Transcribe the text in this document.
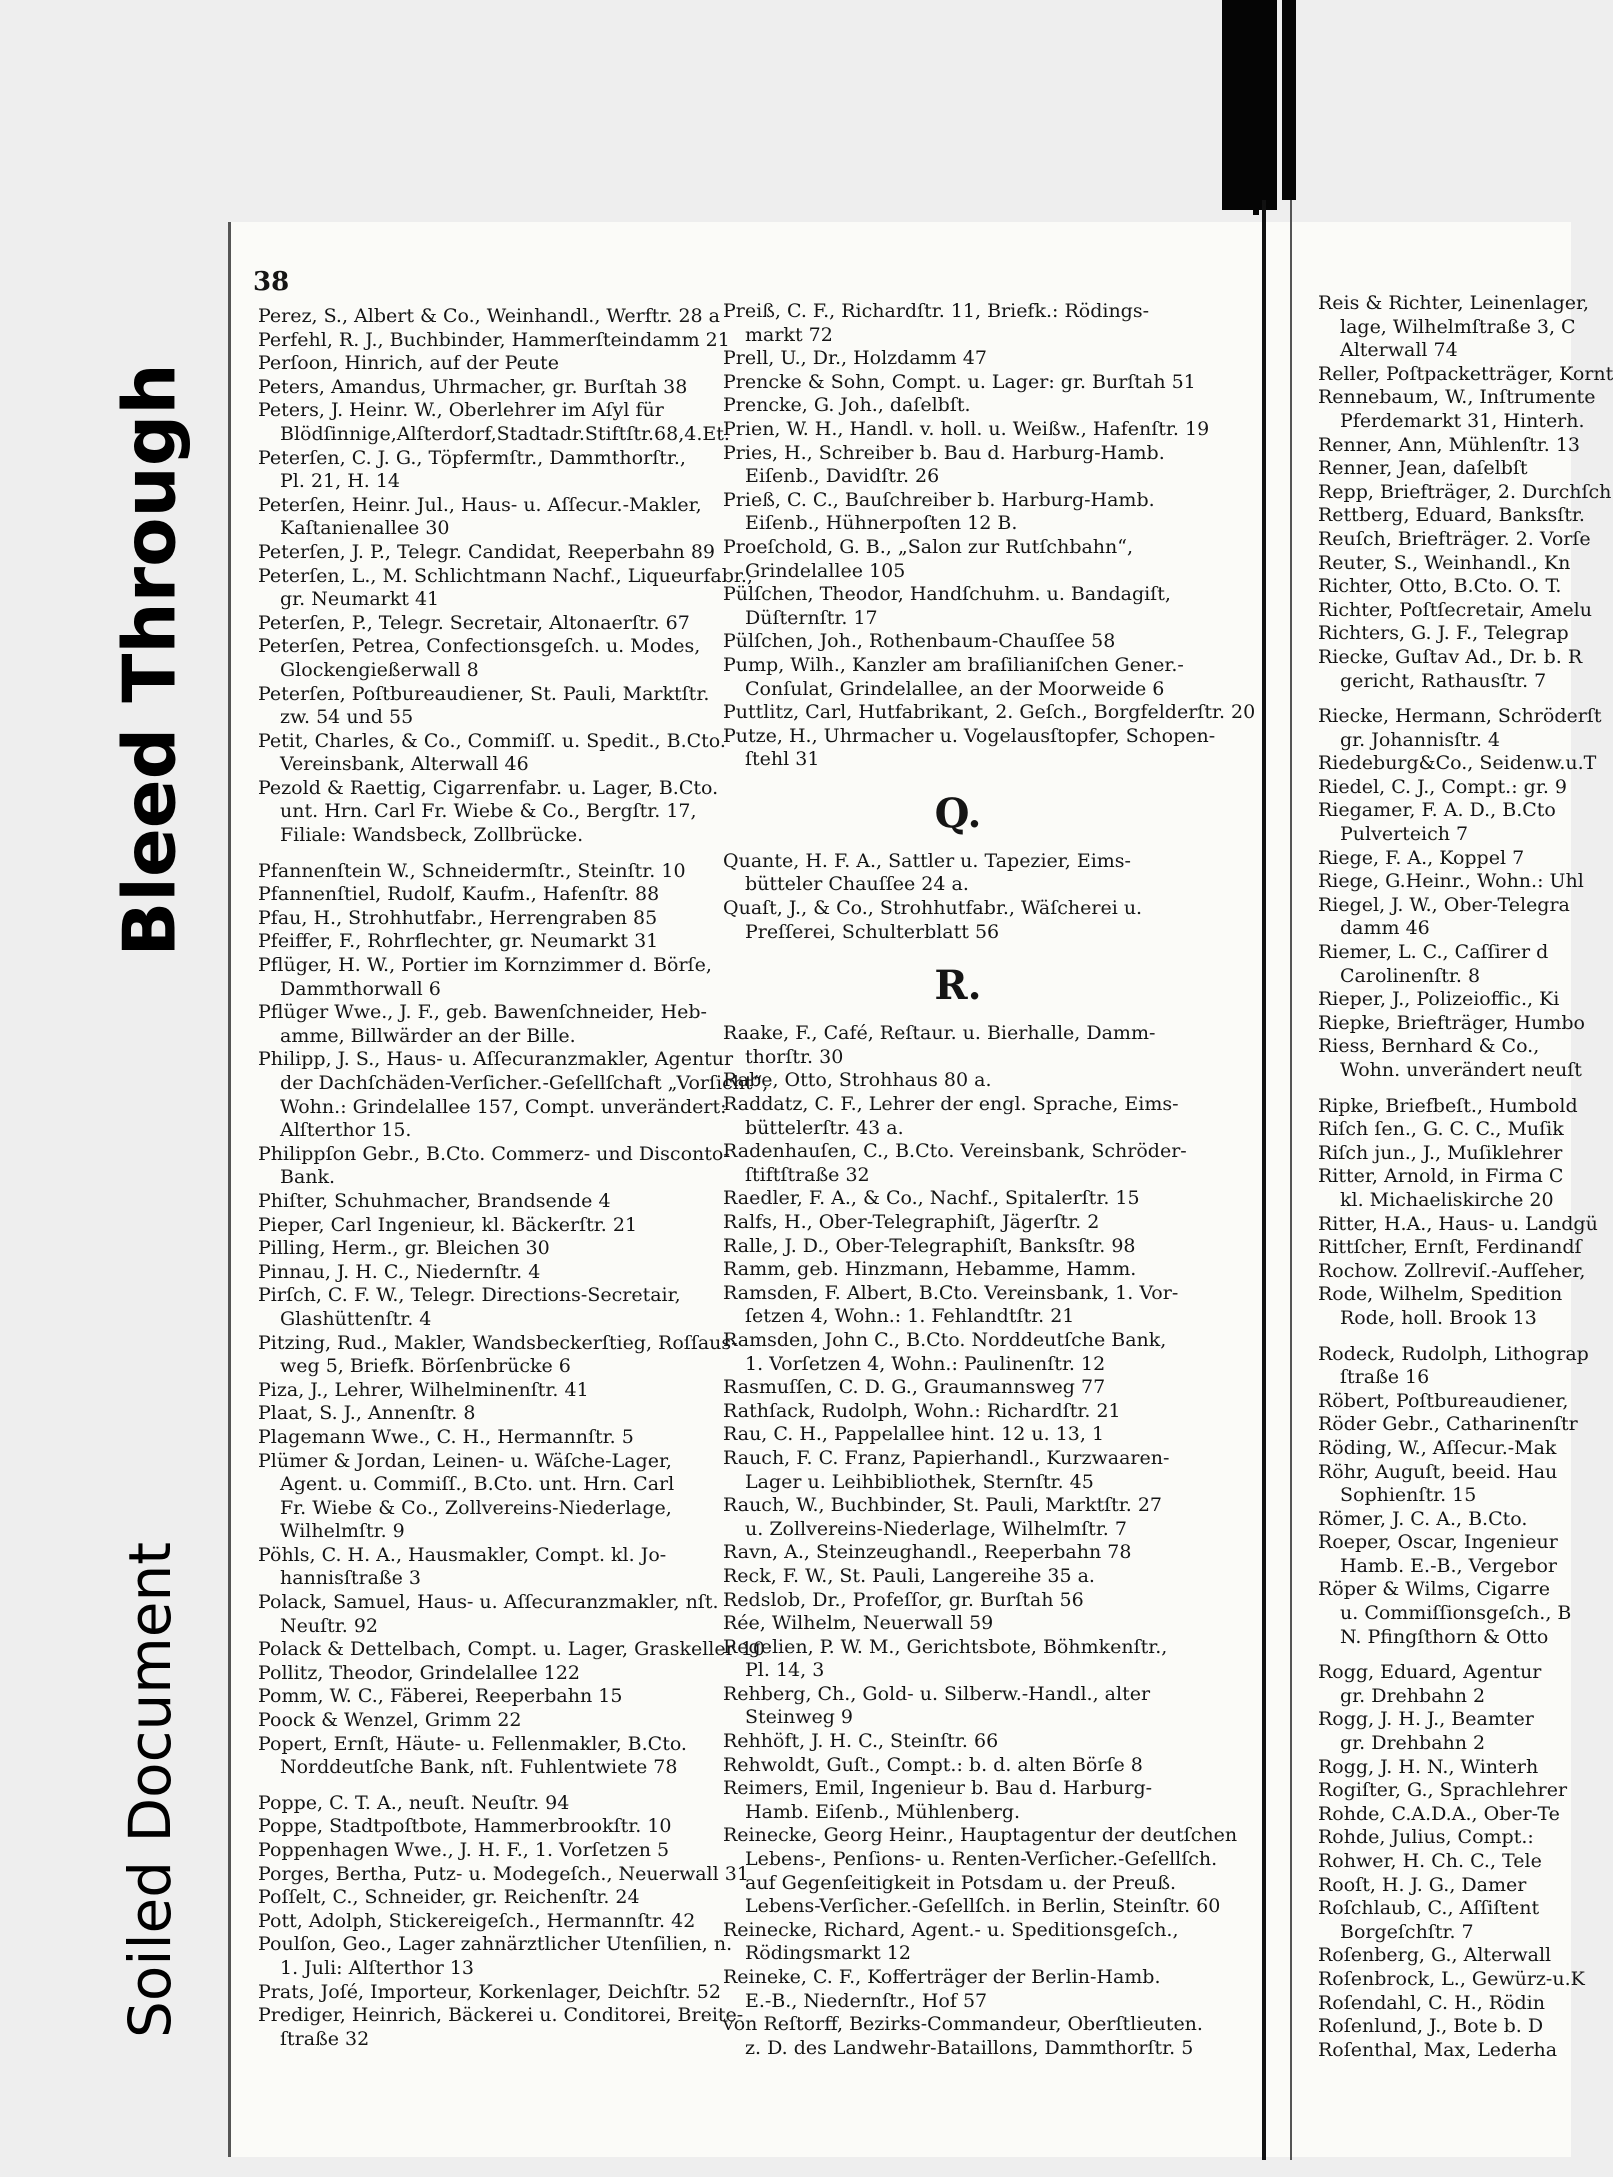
Bleed Through
Soiled Document
38
Perez, S., Albert & Co., Weinhandl., Werftr. 28 a
Perfehl, R. J., Buchbinder, Hammerſteindamm 21
Perſoon, Hinrich, auf der Peute
Peters, Amandus, Uhrmacher, gr. Burſtah 38
Peters, J. Heinr. W., Oberlehrer im Aſyl für
Blödſinnige,Alſterdorf,Stadtadr.Stiftſtr.68,4.Et.
Peterſen, C. J. G., Töpfermſtr., Dammthorſtr.,
Pl. 21, H. 14
Peterſen, Heinr. Jul., Haus- u. Aſſecur.-Makler,
Kaſtanienallee 30
Peterſen, J. P., Telegr. Candidat, Reeperbahn 89
Peterſen, L., M. Schlichtmann Nachf., Liqueurfabr.,
gr. Neumarkt 41
Peterſen, P., Telegr. Secretair, Altonaerſtr. 67
Peterſen, Petrea, Confectionsgeſch. u. Modes,
Glockengießerwall 8
Peterſen, Poſtbureaudiener, St. Pauli, Marktſtr.
zw. 54 und 55
Petit, Charles, & Co., Commiſſ. u. Spedit., B.Cto.
Vereinsbank, Alterwall 46
Pezold & Raettig, Cigarrenfabr. u. Lager, B.Cto.
unt. Hrn. Carl Fr. Wiebe & Co., Bergſtr. 17,
Filiale: Wandsbeck, Zollbrücke.
Pfannenſtein W., Schneidermſtr., Steinſtr. 10
Pfannenſtiel, Rudolf, Kaufm., Hafenſtr. 88
Pfau, H., Strohhutfabr., Herrengraben 85
Pfeiffer, F., Rohrflechter, gr. Neumarkt 31
Pflüger, H. W., Portier im Kornzimmer d. Börſe,
Dammthorwall 6
Pflüger Wwe., J. F., geb. Bawenſchneider, Heb-
amme, Billwärder an der Bille.
Philipp, J. S., Haus- u. Aſſecuranzmakler, Agentur
der Dachſchäden-Verſicher.-Geſellſchaft „Vorſicht“,
Wohn.: Grindelallee 157, Compt. unverändert:
Alſterthor 15.
Philippſon Gebr., B.Cto. Commerz- und Disconto-
Bank.
Phiſter, Schuhmacher, Brandsende 4
Pieper, Carl Ingenieur, kl. Bäckerſtr. 21
Pilling, Herm., gr. Bleichen 30
Pinnau, J. H. C., Niedernſtr. 4
Pirſch, C. F. W., Telegr. Directions-Secretair,
Glashüttenſtr. 4
Pitzing, Rud., Makler, Wandsbeckerſtieg, Roſſaus-
weg 5, Briefk. Börſenbrücke 6
Piza, J., Lehrer, Wilhelminenſtr. 41
Plaat, S. J., Annenſtr. 8
Plagemann Wwe., C. H., Hermannſtr. 5
Plümer & Jordan, Leinen- u. Wäſche-Lager,
Agent. u. Commiſſ., B.Cto. unt. Hrn. Carl
Fr. Wiebe & Co., Zollvereins-Niederlage,
Wilhelmſtr. 9
Pöhls, C. H. A., Hausmakler, Compt. kl. Jo-
hannisſtraße 3
Polack, Samuel, Haus- u. Aſſecuranzmakler, nſt.
Neuſtr. 92
Polack & Dettelbach, Compt. u. Lager, Graskeller 10
Pollitz, Theodor, Grindelallee 122
Pomm, W. C., Fäberei, Reeperbahn 15
Poock & Wenzel, Grimm 22
Popert, Ernſt, Häute- u. Fellenmakler, B.Cto.
Norddeutſche Bank, nſt. Fuhlentwiete 78
Poppe, C. T. A., neuſt. Neuſtr. 94
Poppe, Stadtpoſtbote, Hammerbrookſtr. 10
Poppenhagen Wwe., J. H. F., 1. Vorſetzen 5
Porges, Bertha, Putz- u. Modegeſch., Neuerwall 31
Poſſelt, C., Schneider, gr. Reichenſtr. 24
Pott, Adolph, Stickereigeſch., Hermannſtr. 42
Poulſon, Geo., Lager zahnärztlicher Utenſilien, n.
1. Juli: Alſterthor 13
Prats, Joſé, Importeur, Korkenlager, Deichſtr. 52
Prediger, Heinrich, Bäckerei u. Conditorei, Breite-
ſtraße 32
Preiß, C. F., Richardſtr. 11, Briefk.: Rödings-
markt 72
Prell, U., Dr., Holzdamm 47
Prencke & Sohn, Compt. u. Lager: gr. Burſtah 51
Prencke, G. Joh., daſelbſt.
Prien, W. H., Handl. v. holl. u. Weißw., Hafenſtr. 19
Pries, H., Schreiber b. Bau d. Harburg-Hamb.
Eiſenb., Davidſtr. 26
Prieß, C. C., Bauſchreiber b. Harburg-Hamb.
Eiſenb., Hühnerpoſten 12 B.
Proeſchold, G. B., „Salon zur Rutſchbahn“,
Grindelallee 105
Pülſchen, Theodor, Handſchuhm. u. Bandagiſt,
Düſternſtr. 17
Pülſchen, Joh., Rothenbaum-Chauſſee 58
Pump, Wilh., Kanzler am braſilianiſchen Gener.-
Conſulat, Grindelallee, an der Moorweide 6
Puttlitz, Carl, Hutfabrikant, 2. Geſch., Borgfelderſtr. 20
Putze, H., Uhrmacher u. Vogelausſtopfer, Schopen-
ſtehl 31
Q.
Quante, H. F. A., Sattler u. Tapezier, Eims-
bütteler Chauſſee 24 a.
Quaſt, J., & Co., Strohhutfabr., Wäſcherei u.
Preſſerei, Schulterblatt 56
R.
Raake, F., Café, Reſtaur. u. Bierhalle, Damm-
thorſtr. 30
Rabe, Otto, Strohhaus 80 a.
Raddatz, C. F., Lehrer der engl. Sprache, Eims-
büttelerſtr. 43 a.
Radenhauſen, C., B.Cto. Vereinsbank, Schröder-
ſtiftſtraße 32
Raedler, F. A., & Co., Nachf., Spitalerſtr. 15
Ralfs, H., Ober-Telegraphiſt, Jägerſtr. 2
Ralle, J. D., Ober-Telegraphiſt, Banksſtr. 98
Ramm, geb. Hinzmann, Hebamme, Hamm.
Ramsden, F. Albert, B.Cto. Vereinsbank, 1. Vor-
ſetzen 4, Wohn.: 1. Fehlandtſtr. 21
Ramsden, John C., B.Cto. Norddeutſche Bank,
1. Vorſetzen 4, Wohn.: Paulinenſtr. 12
Rasmuſſen, C. D. G., Graumannsweg 77
Rathſack, Rudolph, Wohn.: Richardſtr. 21
Rau, C. H., Pappelallee hint. 12 u. 13, 1
Rauch, F. C. Franz, Papierhandl., Kurzwaaren-
Lager u. Leihbibliothek, Sternſtr. 45
Rauch, W., Buchbinder, St. Pauli, Marktſtr. 27
u. Zollvereins-Niederlage, Wilhelmſtr. 7
Ravn, A., Steinzeughandl., Reeperbahn 78
Reck, F. W., St. Pauli, Langereihe 35 a.
Redslob, Dr., Profeſſor, gr. Burſtah 56
Rée, Wilhelm, Neuerwall 59
Regelien, P. W. M., Gerichtsbote, Böhmkenſtr.,
Pl. 14, 3
Rehberg, Ch., Gold- u. Silberw.-Handl., alter
Steinweg 9
Rehhöft, J. H. C., Steinſtr. 66
Rehwoldt, Guſt., Compt.: b. d. alten Börſe 8
Reimers, Emil, Ingenieur b. Bau d. Harburg-
Hamb. Eiſenb., Mühlenberg.
Reinecke, Georg Heinr., Hauptagentur der deutſchen
Lebens-, Penſions- u. Renten-Verſicher.-Geſellſch.
auf Gegenſeitigkeit in Potsdam u. der Preuß.
Lebens-Verſicher.-Geſellſch. in Berlin, Steinſtr. 60
Reinecke, Richard, Agent.- u. Speditionsgeſch.,
Rödingsmarkt 12
Reineke, C. F., Kofferträger der Berlin-Hamb.
E.-B., Niedernſtr., Hof 57
von Reſtorff, Bezirks-Commandeur, Oberſtlieuten.
z. D. des Landwehr-Bataillons, Dammthorſtr. 5
Reis & Richter, Leinenlager,
lage, Wilhelmſtraße 3, C
Alterwall 74
Reller, Poſtpacketträger, Kornt
Rennebaum, W., Inſtrumente
Pferdemarkt 31, Hinterh.
Renner, Ann, Mühlenſtr. 13
Renner, Jean, daſelbſt
Repp, Briefträger, 2. Durchſch
Rettberg, Eduard, Banksſtr.
Reuſch, Briefträger. 2. Vorſe
Reuter, S., Weinhandl., Kn
Richter, Otto, B.Cto. O. T.
Richter, Poſtſecretair, Amelu
Richters, G. J. F., Telegrap
Riecke, Guſtav Ad., Dr. b. R
gericht, Rathausſtr. 7
Riecke, Hermann, Schröderſt
gr. Johannisſtr. 4
Riedeburg&Co., Seidenw.u.T
Riedel, C. J., Compt.: gr. 9
Riegamer, F. A. D., B.Cto
Pulverteich 7
Riege, F. A., Koppel 7
Riege, G.Heinr., Wohn.: Uhl
Riegel, J. W., Ober-Telegra
damm 46
Riemer, L. C., Caſſirer d
Carolinenſtr. 8
Rieper, J., Polizeioffic., Ki
Riepke, Briefträger, Humbo
Riess, Bernhard & Co.,
Wohn. unverändert neuſt
Ripke, Briefbeſt., Humbold
Riſch ſen., G. C. C., Muſik
Riſch jun., J., Muſiklehrer
Ritter, Arnold, in Firma C
kl. Michaeliskirche 20
Ritter, H.A., Haus- u. Landgü
Rittſcher, Ernſt, Ferdinandſ
Rochow. Zollreviſ.-Aufſeher,
Rode, Wilhelm, Spedition
Rode, holl. Brook 13
Rodeck, Rudolph, Lithograp
ſtraße 16
Röbert, Poſtbureaudiener,
Röder Gebr., Catharinenſtr
Röding, W., Aſſecur.-Mak
Röhr, Auguſt, beeid. Hau
Sophienſtr. 15
Römer, J. C. A., B.Cto.
Roeper, Oscar, Ingenieur
Hamb. E.-B., Vergebor
Röper & Wilms, Cigarre
u. Commiſſionsgeſch., B
N. Pfingſthorn & Otto
Rogg, Eduard, Agentur
gr. Drehbahn 2
Rogg, J. H. J., Beamter
gr. Drehbahn 2
Rogg, J. H. N., Winterh
Rogiſter, G., Sprachlehrer
Rohde, C.A.D.A., Ober-Te
Rohde, Julius, Compt.:
Rohwer, H. Ch. C., Tele
Rooſt, H. J. G., Damer
Roſchlaub, C., Aſſiſtent
Borgeſchſtr. 7
Roſenberg, G., Alterwall
Roſenbrock, L., Gewürz-u.K
Roſendahl, C. H., Rödin
Roſenlund, J., Bote b. D
Roſenthal, Max, Lederha
